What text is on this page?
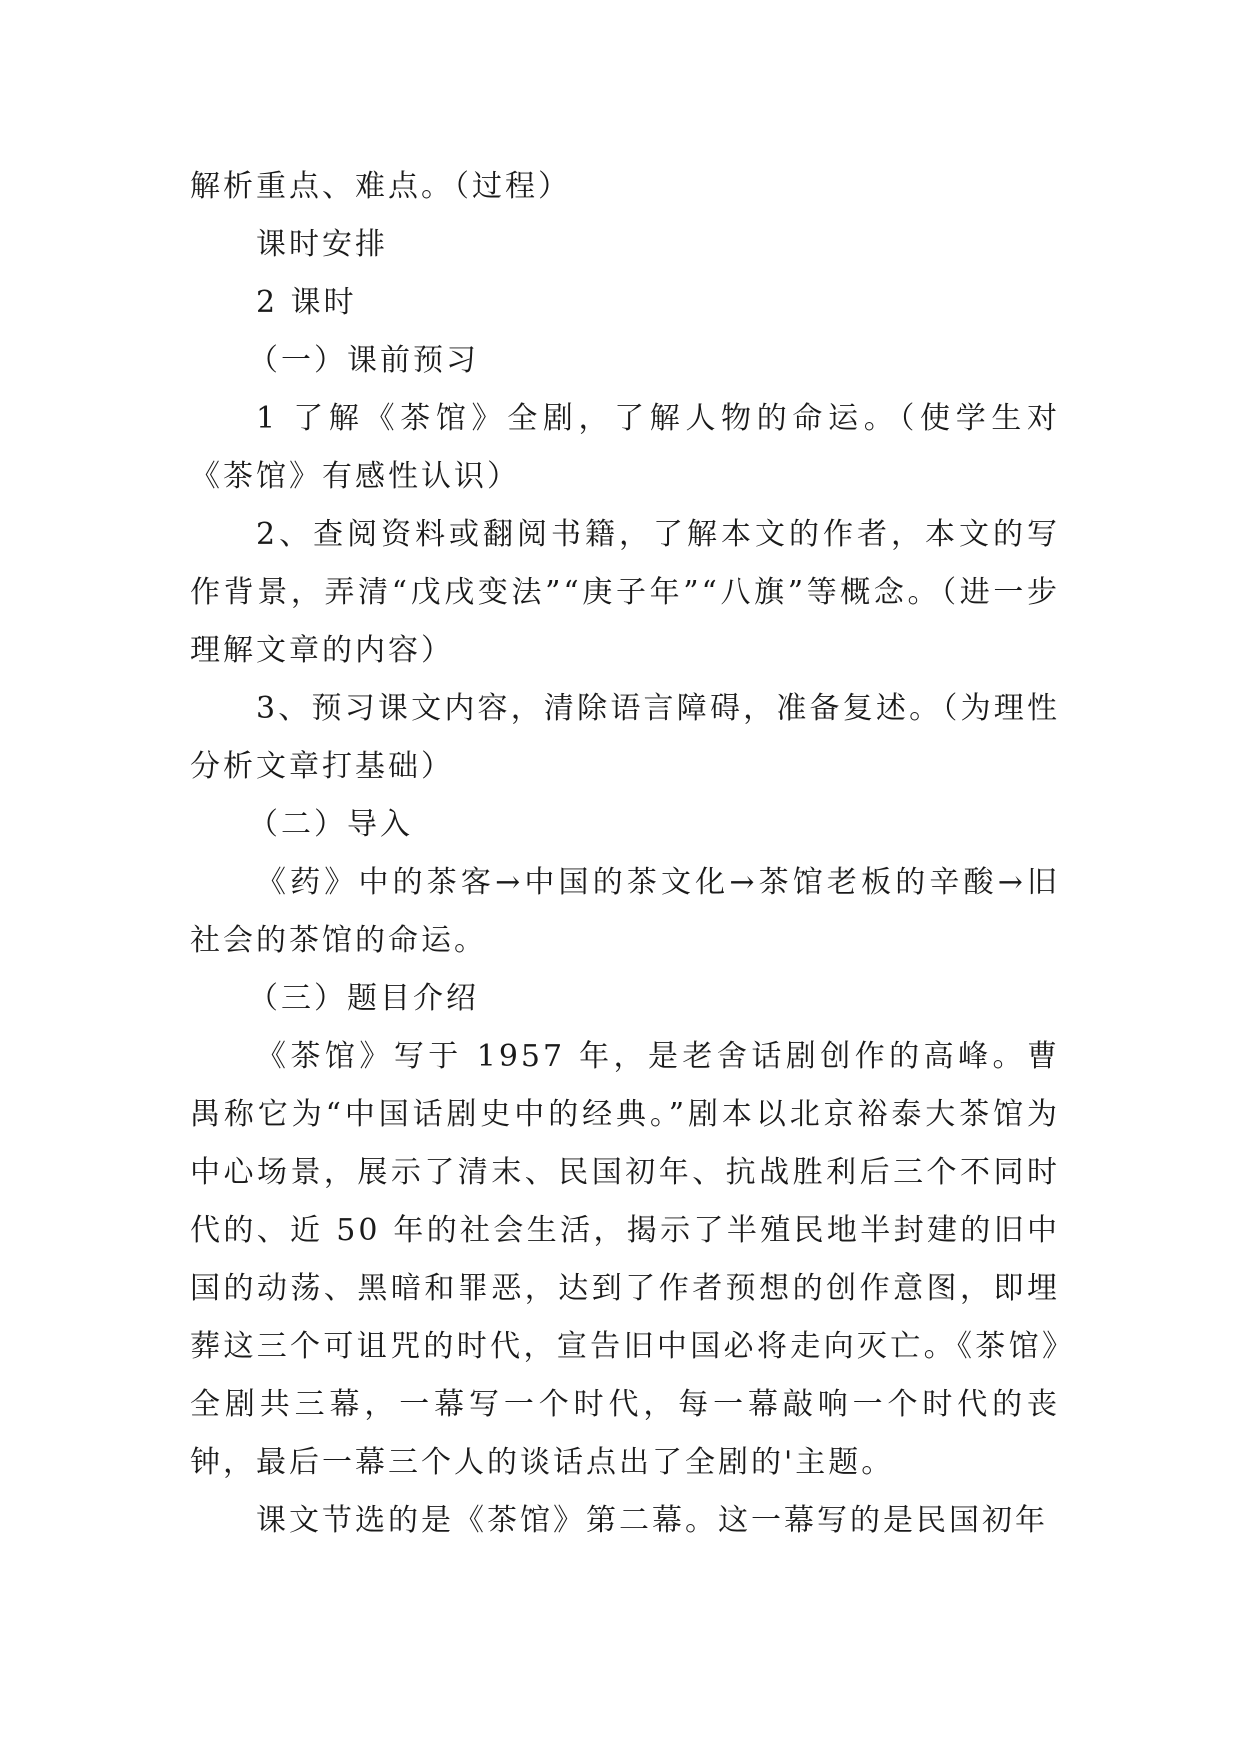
解析重点、难点。（过程）

课时安排

2 课时

（一）课前预习

1 了解《茶馆》全剧，了解人物的命运。（使学生对《茶馆》有感性认识）

2、查阅资料或翻阅书籍，了解本文的作者，本文的写作背景，弄清“戊戌变法”“庚子年”“八旗”等概念。（进一步理解文章的内容）

3、预习课文内容，清除语言障碍，准备复述。（为理性分析文章打基础）

（二）导入

《药》中的茶客→中国的茶文化→茶馆老板的辛酸→旧社会的茶馆的命运。

（三）题目介绍

《茶馆》写于 1957 年，是老舍话剧创作的高峰。曹禺称它为“中国话剧史中的经典。”剧本以北京裕泰大茶馆为中心场景，展示了清末、民国初年、抗战胜利后三个不同时代的、近 50 年的社会生活，揭示了半殖民地半封建的旧中国的动荡、黑暗和罪恶，达到了作者预想的创作意图，即埋葬这三个可诅咒的时代，宣告旧中国必将走向灭亡。《茶馆》全剧共三幕，一幕写一个时代，每一幕敲响一个时代的丧钟，最后一幕三个人的谈话点出了全剧的'主题。

课文节选的是《茶馆》第二幕。这一幕写的是民国初年
